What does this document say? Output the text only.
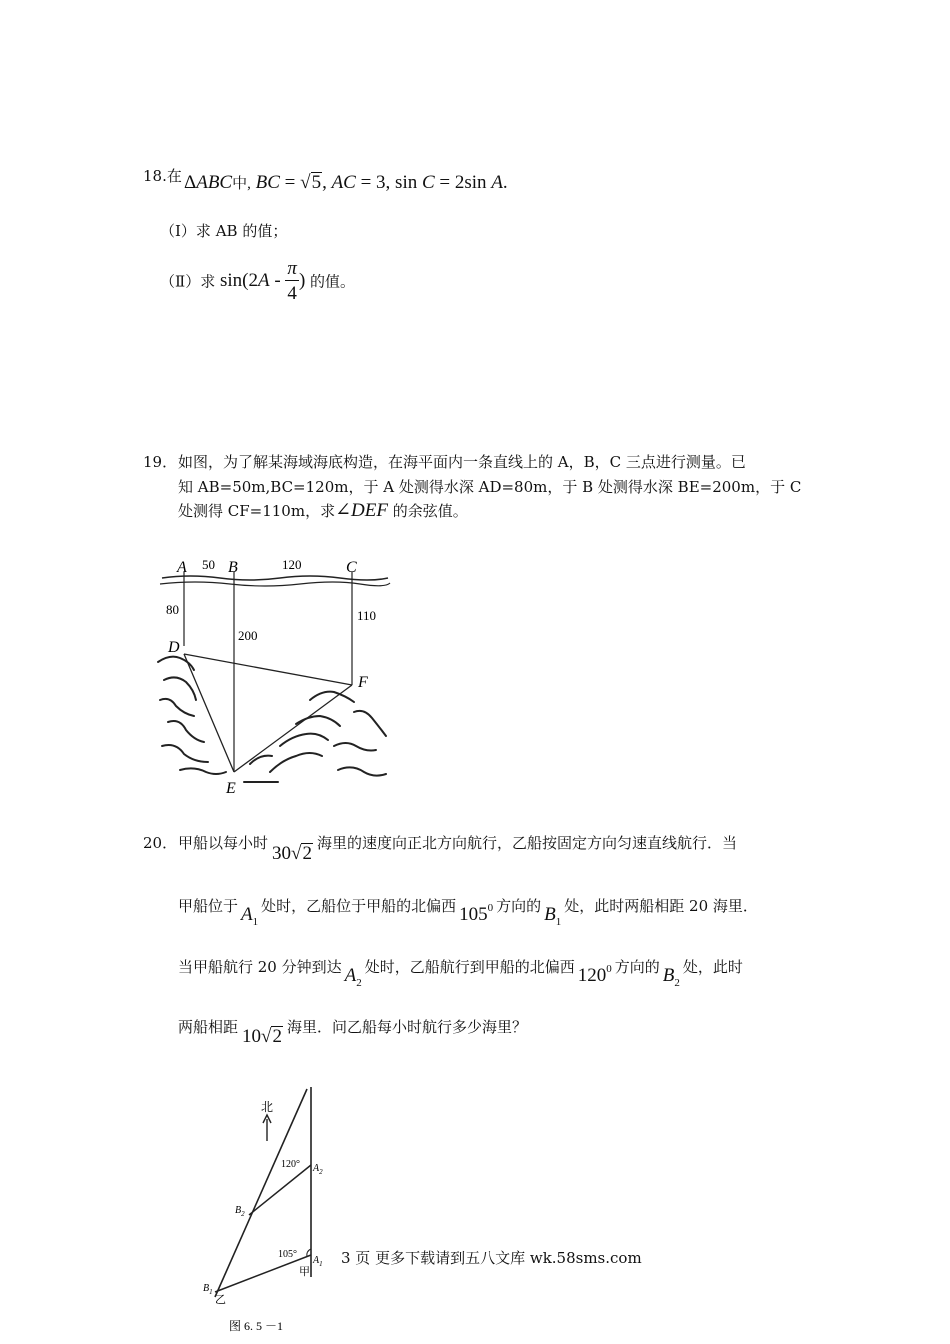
18.在 ΔABC中, BC = √5, AC = 3, sin C = 2sin A.
（I）求 AB 的值；
（Ⅱ）求 $\sin(2A - \frac{\pi}{4}$ ) 的值。
19． 如图，为了解某海域海底构造，在海平面内一条直线上的 A，B，C 三点进行测量。已
知 AB=50m,BC=120m，于 A 处测得水深 AD=80m，于 B 处测得水深 BE=200m，于 C
处测得 CF=110m，求∠DEF 的余弦值。
A	B	C
50	120
80
200
110
D
F
E
20． 甲船以每小时 30√2 海里的速度向正北方向航行，乙船按固定方向匀速直线航行．当
甲船位于 $A_1$处时，乙船位于甲船的北偏西 $105^0$ 方向的 $B_1$处，此时两船相距 20 海里．
当甲船航行 20 分钟到达 $A_2$处时，乙船航行到甲船的北偏西 $120^0$ 方向的 $B_2$处，此时
两船相距 10√2 海里．问乙船每小时航行多少海里？
北
120°
105°
$A_2$
$B_2$
$A_1$
甲
$B_1$
乙
图 6. 5 －1
3 页 更多下载请到五八文库 wk.58sms.com
